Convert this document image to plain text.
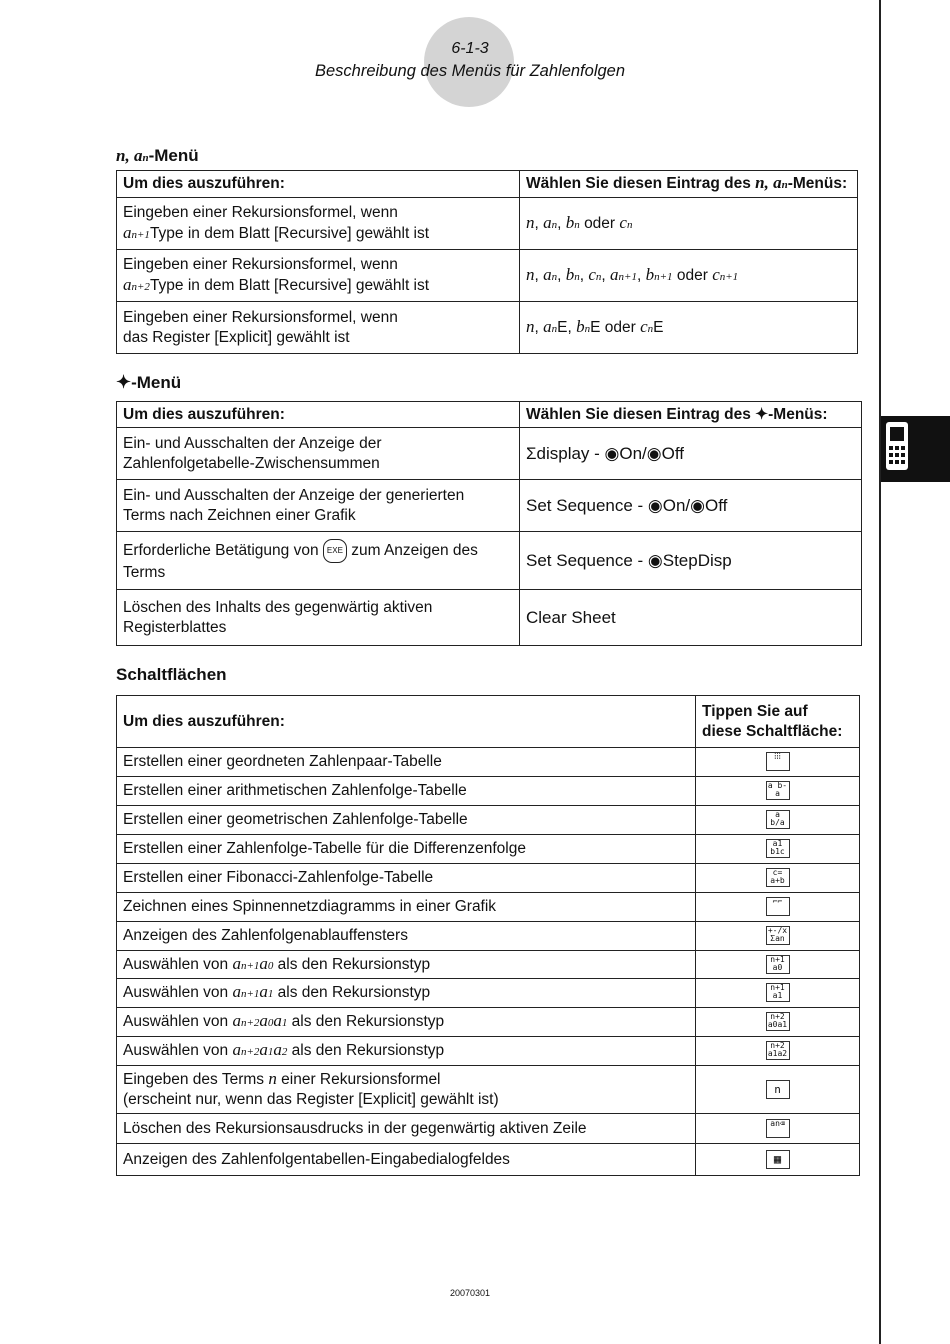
6-1-3
Beschreibung des Menüs für Zahlenfolgen
n, an-Menü
Um dies auszuführen:	Wählen Sie diesen Eintrag des n, an-Menüs:
Eingeben einer Rekursionsformel, wenn
an+1Type in dem Blatt [Recursive] gewählt ist	n, an, bn oder cn
Eingeben einer Rekursionsformel, wenn
an+2Type in dem Blatt [Recursive] gewählt ist	n, an, bn, cn, an+1, bn+1 oder cn+1
Eingeben einer Rekursionsformel, wenn
das Register [Explicit] gewählt ist	n, anE, bnE oder cnE
✦-Menü
Um dies auszuführen:	Wählen Sie diesen Eintrag des ✦-Menüs:
Ein- und Ausschalten der Anzeige der
Zahlenfolgetabelle-Zwischensummen	Σdisplay - ◉On/◉Off
Ein- und Ausschalten der Anzeige der generierten
Terms nach Zeichnen einer Grafik	Set Sequence - ◉On/◉Off
Erforderliche Betätigung von EXE zum Anzeigen des
Terms	Set Sequence - ◉StepDisp
Löschen des Inhalts des gegenwärtig aktiven
Registerblattes	Clear Sheet
Schaltflächen
Um dies auszuführen:	Tippen Sie auf
diese Schaltfläche:
Erstellen einer geordneten Zahlenpaar-Tabelle	⁞⁞⁞
Erstellen einer arithmetischen Zahlenfolge-Tabelle	a b-a
Erstellen einer geometrischen Zahlenfolge-Tabelle	a b/a
Erstellen einer Zahlenfolge-Tabelle für die Differenzenfolge	a1 b1c
Erstellen einer Fibonacci-Zahlenfolge-Tabelle	c= a+b
Zeichnen eines Spinnennetzdiagramms in einer Grafik	⌐⌐
Anzeigen des Zahlenfolgenablauffensters	+-/x Σan
Auswählen von an+1a0 als den Rekursionstyp	n+1 a0
Auswählen von an+1a1 als den Rekursionstyp	n+1 a1
Auswählen von an+2a0a1 als den Rekursionstyp	n+2 a0a1
Auswählen von an+2a1a2 als den Rekursionstyp	n+2 a1a2
Eingeben des Terms n einer Rekursionsformel
(erscheint nur, wenn das Register [Explicit] gewählt ist)	n
Löschen des Rekursionsausdrucks in der gegenwärtig aktiven Zeile	an⌫
Anzeigen des Zahlenfolgentabellen-Eingabedialogfeldes	▦
20070301
